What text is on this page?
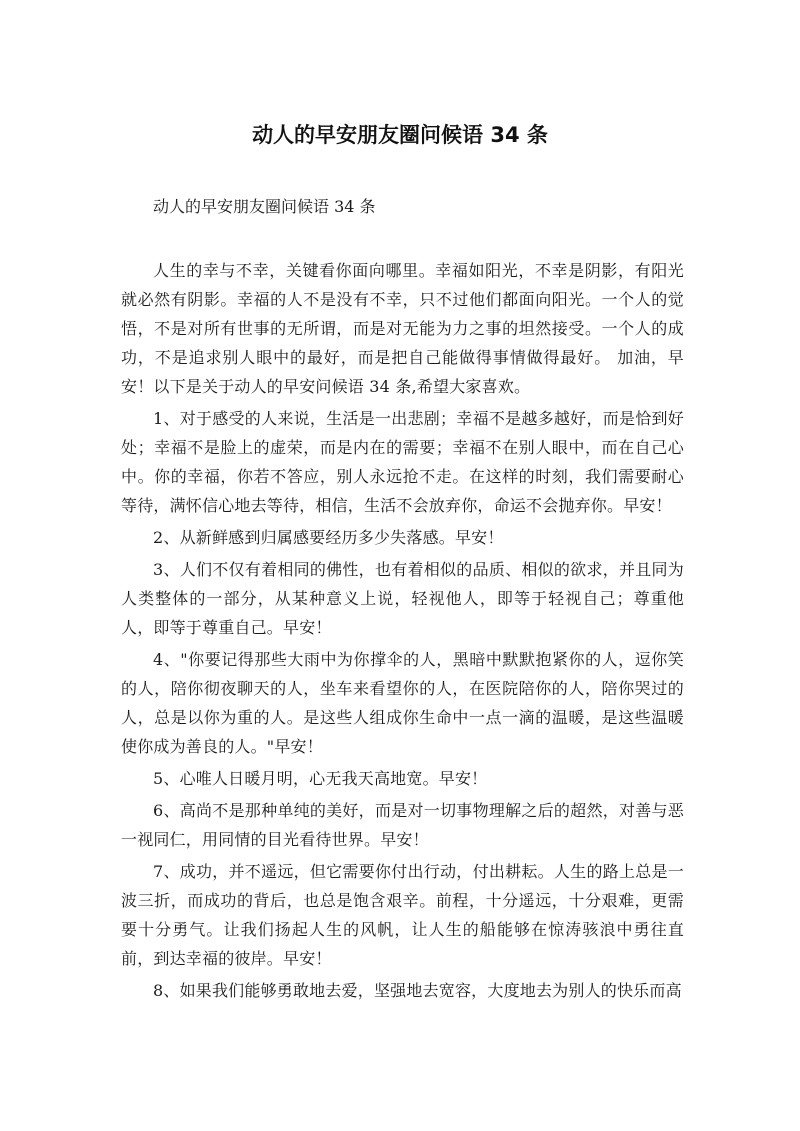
动人的早安朋友圈问候语 34 条

动人的早安朋友圈问候语 34 条

人生的幸与不幸，关键看你面向哪里。幸福如阳光，不幸是阴影，有阳光就必然有阴影。幸福的人不是没有不幸，只不过他们都面向阳光。一个人的觉悟，不是对所有世事的无所谓，而是对无能为力之事的坦然接受。一个人的成功，不是追求别人眼中的最好，而是把自己能做得事情做得最好。 加油，早安！以下是关于动人的早安问候语 34 条,希望大家喜欢。

1、对于感受的人来说，生活是一出悲剧；幸福不是越多越好，而是恰到好处；幸福不是脸上的虚荣，而是内在的需要；幸福不在别人眼中，而在自己心中。你的幸福，你若不答应，别人永远抢不走。在这样的时刻，我们需要耐心等待，满怀信心地去等待，相信，生活不会放弃你，命运不会抛弃你。早安！

2、从新鲜感到归属感要经历多少失落感。早安！

3、人们不仅有着相同的佛性，也有着相似的品质、相似的欲求，并且同为人类整体的一部分，从某种意义上说，轻视他人，即等于轻视自己；尊重他人，即等于尊重自己。早安！

4、"你要记得那些大雨中为你撑伞的人，黑暗中默默抱紧你的人，逗你笑的人，陪你彻夜聊天的人，坐车来看望你的人，在医院陪你的人，陪你哭过的人，总是以你为重的人。是这些人组成你生命中一点一滴的温暖，是这些温暖使你成为善良的人。"早安！

5、心唯人日暖月明，心无我天高地宽。早安！

6、高尚不是那种单纯的美好，而是对一切事物理解之后的超然，对善与恶一视同仁，用同情的目光看待世界。早安！

7、成功，并不遥远，但它需要你付出行动，付出耕耘。人生的路上总是一波三折，而成功的背后，也总是饱含艰辛。前程，十分遥远，十分艰难，更需要十分勇气。让我们扬起人生的风帆，让人生的船能够在惊涛骇浪中勇往直前，到达幸福的彼岸。早安！

8、如果我们能够勇敢地去爱，坚强地去宽容，大度地去为别人的快乐而高
